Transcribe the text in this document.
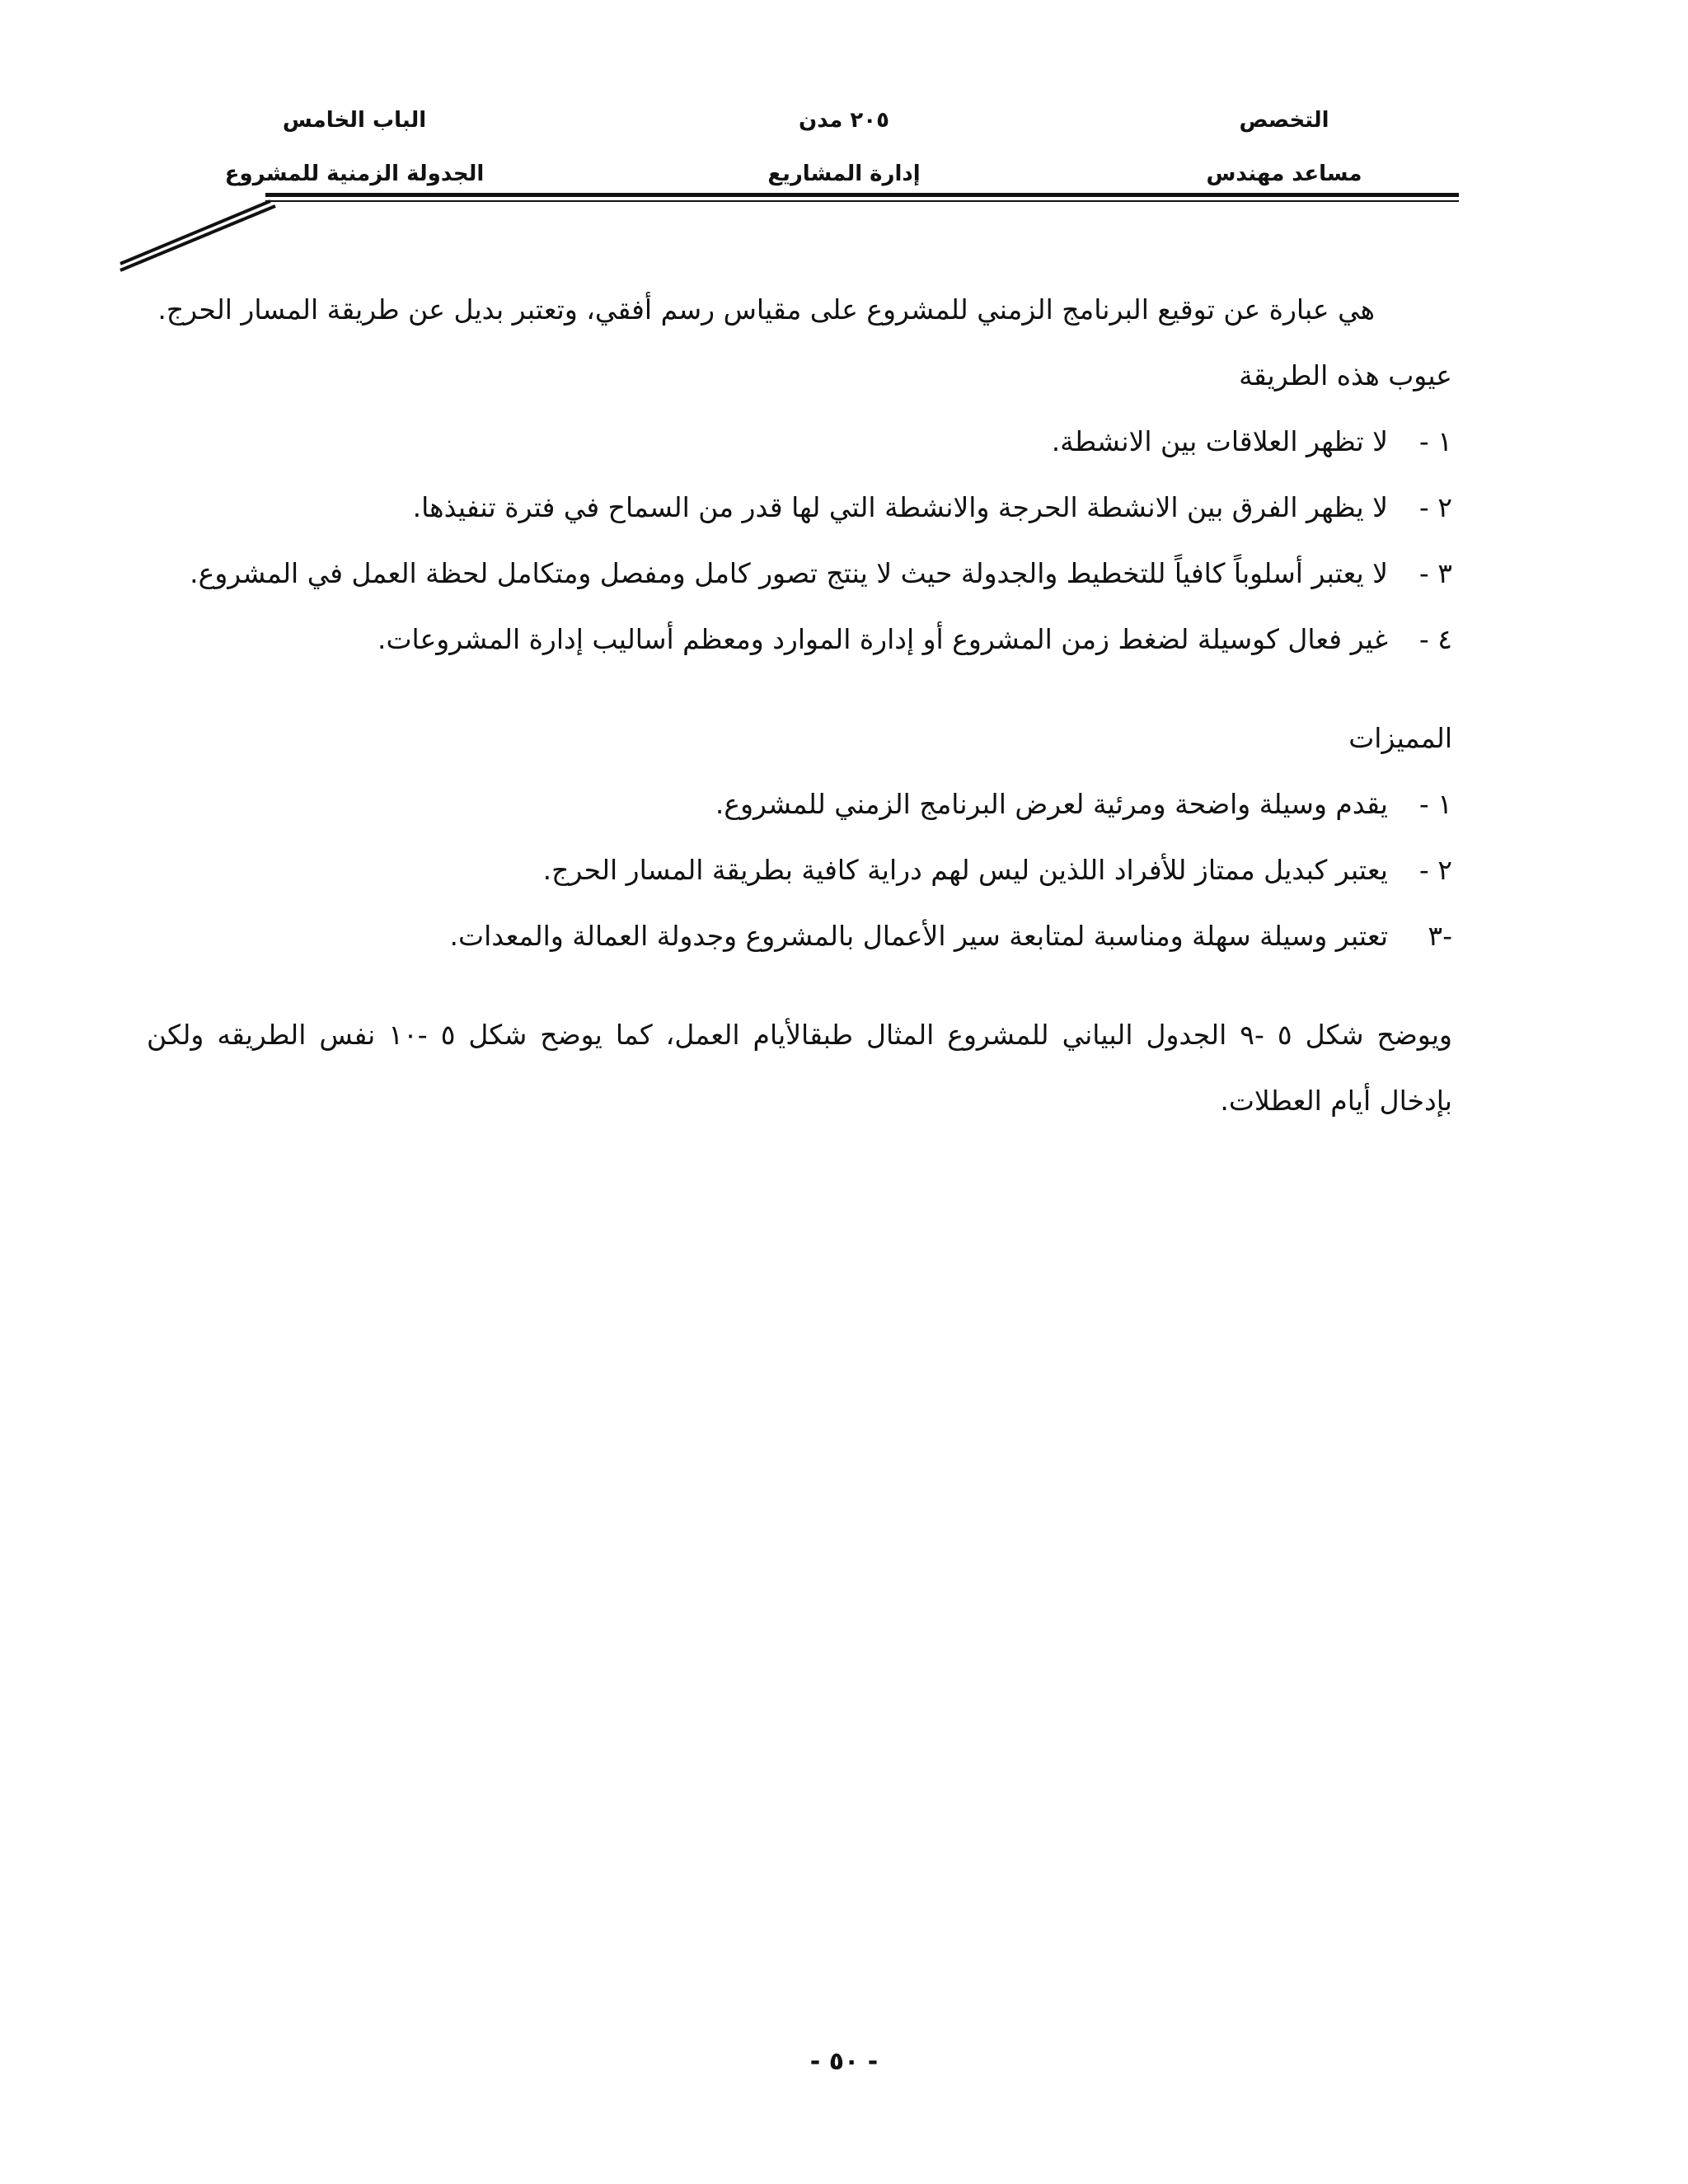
التخصص
٢٠٥ مدن
الباب الخامس
مساعد مهندس
إدارة المشاريع
الجدولة الزمنية للمشروع

هي عبارة عن توقيع البرنامج الزمني للمشروع على مقياس رسم أفقي، وتعتبر بديل عن طريقة المسار الحرج.

عيوب هذه الطريقة

١ -
لا تظهر العلاقات بين الانشطة.
٢ -
لا يظهر الفرق بين الانشطة الحرجة والانشطة التي لها قدر من السماح في فترة تنفيذها.
٣ -
لا يعتبر أسلوباً كافياً للتخطيط والجدولة حيث لا ينتج تصور كامل ومفصل ومتكامل لحظة العمل في المشروع.
٤ -
غير فعال كوسيلة لضغط زمن المشروع أو إدارة الموارد ومعظم أساليب إدارة المشروعات.

المميزات

١ -
يقدم وسيلة واضحة ومرئية لعرض البرنامج الزمني للمشروع.
٢ -
يعتبر كبديل ممتاز للأفراد اللذين ليس لهم دراية كافية بطريقة المسار الحرج.
-٣
تعتبر وسيلة سهلة ومناسبة لمتابعة سير الأعمال بالمشروع وجدولة العمالة والمعدات.

ويوضح شكل ٥ -٩ الجدول البياني للمشروع المثال طبقالأيام العمل، كما يوضح شكل ٥ -١٠ نفس الطريقه ولكن بإدخال أيام العطلات.

- ٥٠ -
